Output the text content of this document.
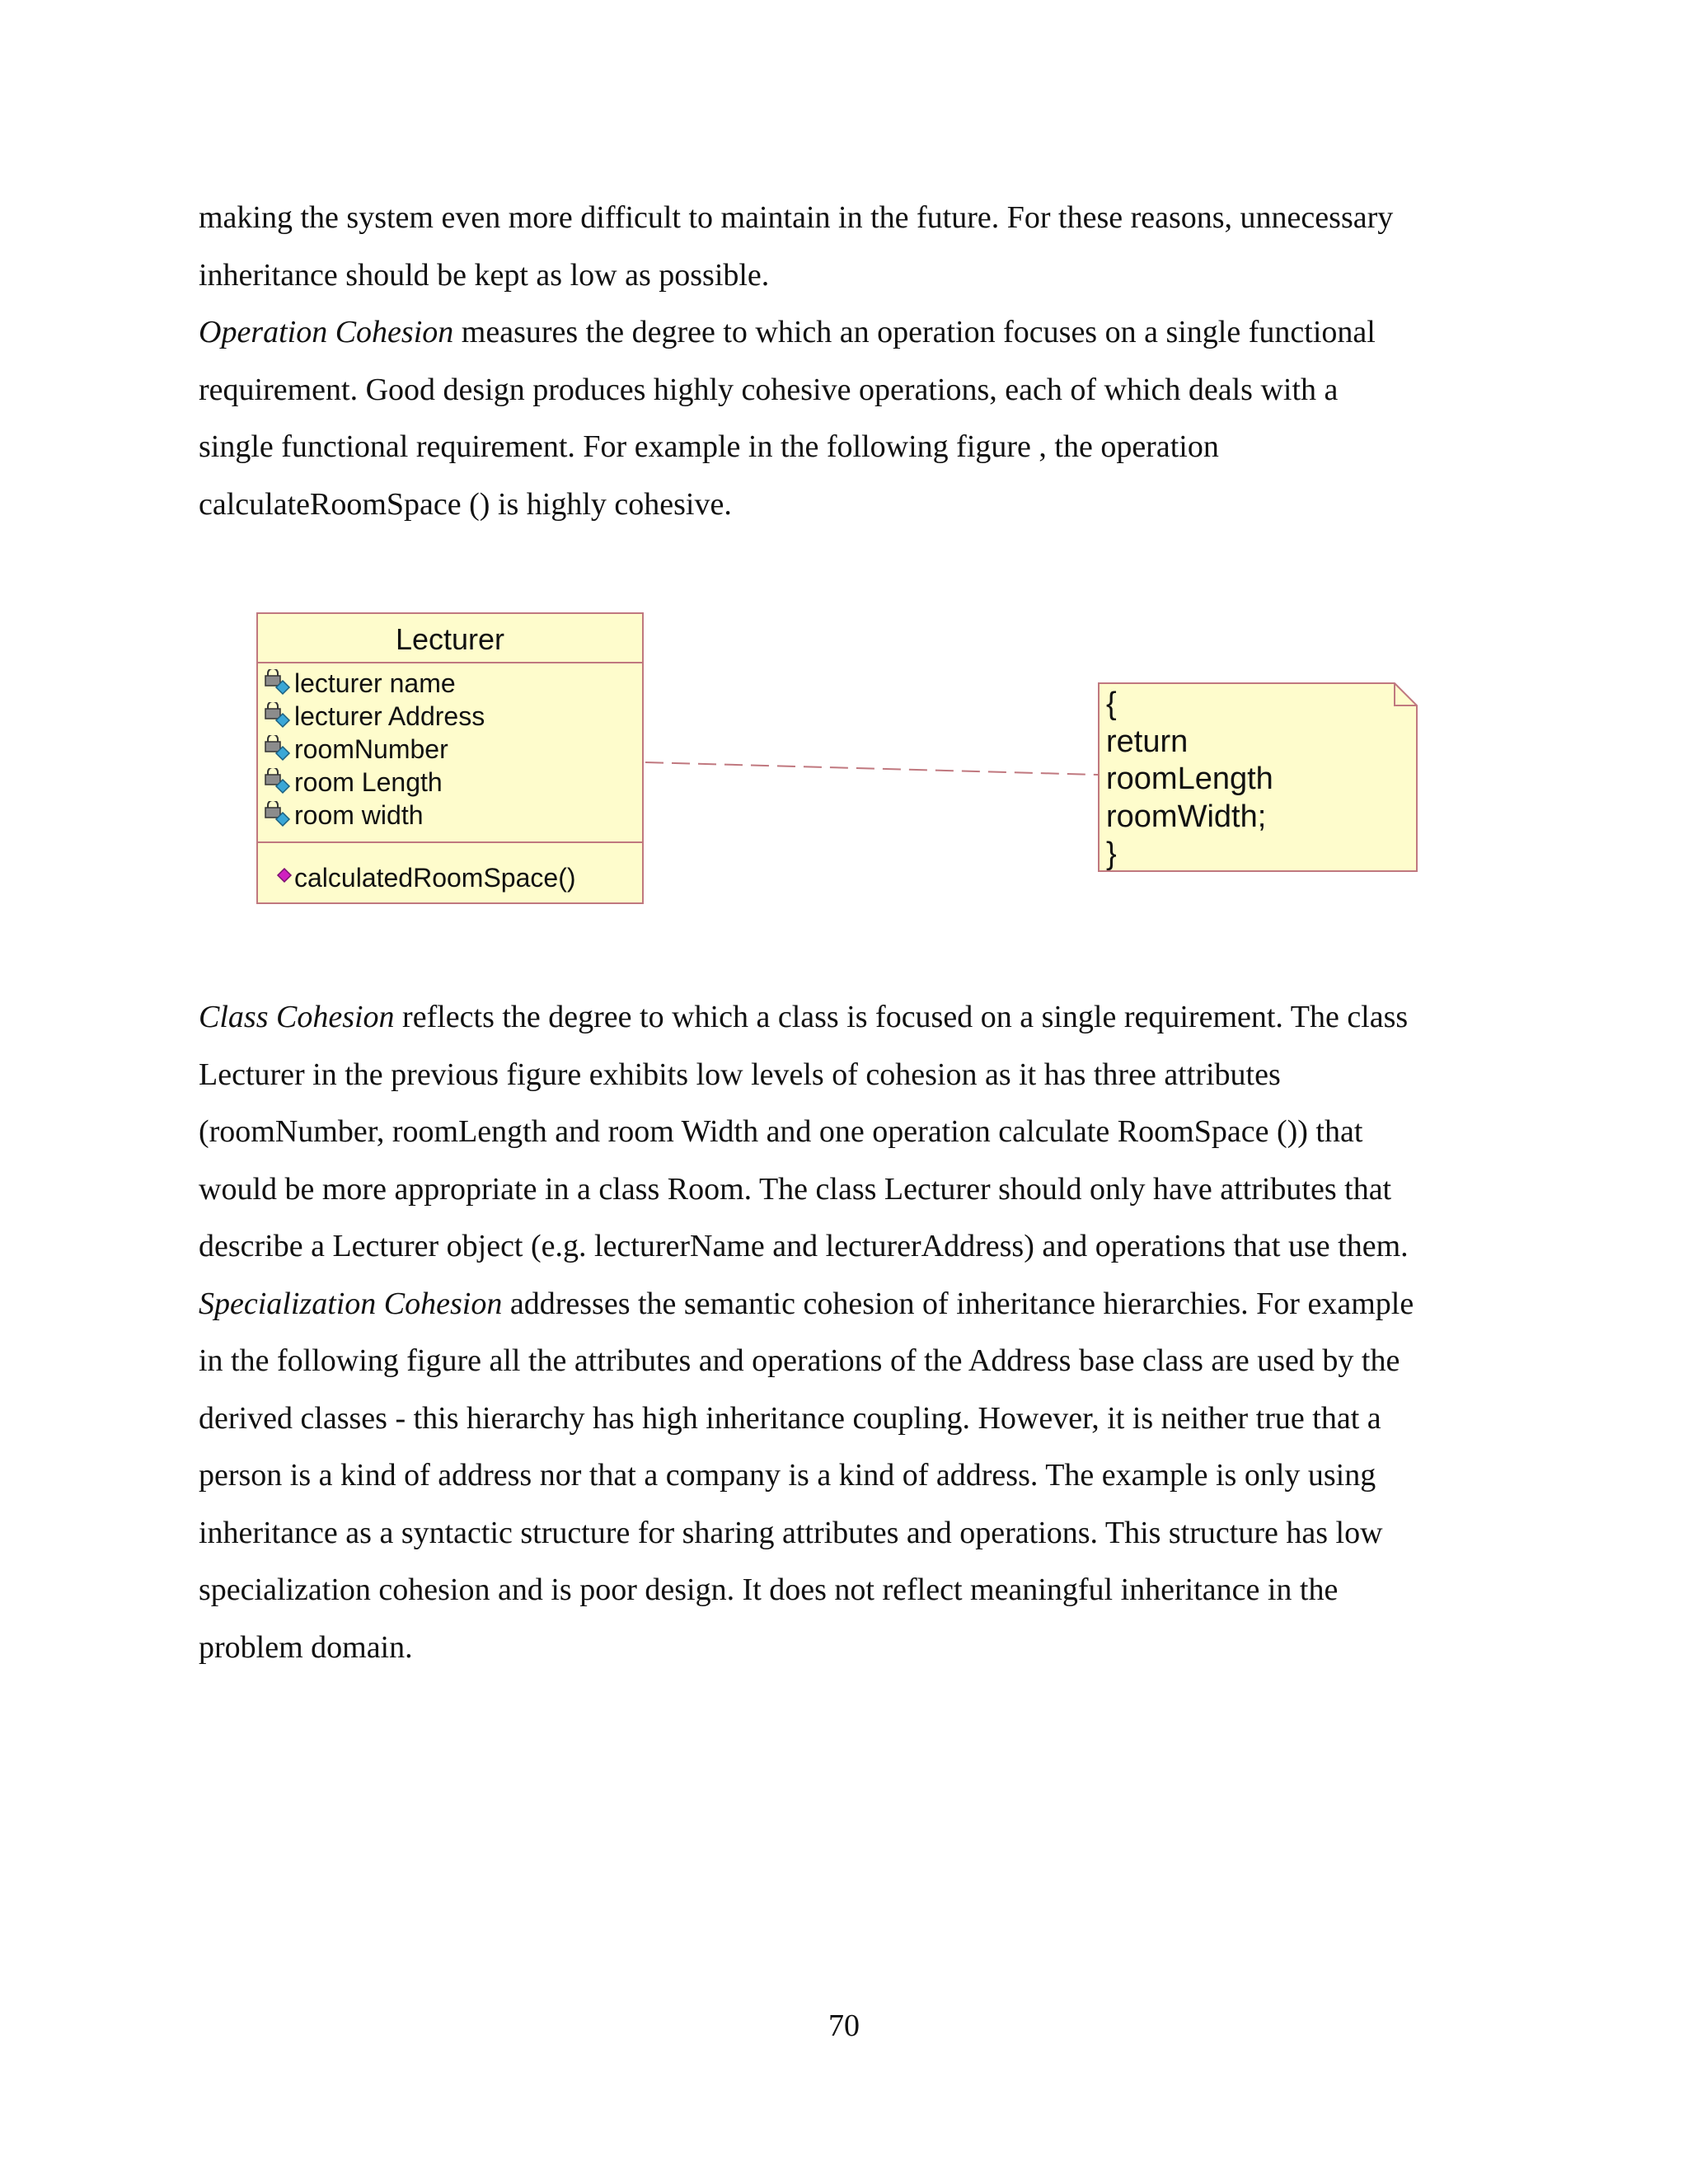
making the system even more difficult to maintain in the future. For these reasons, unnecessary
inheritance should be kept as low as possible.
Operation Cohesion measures the degree to which an operation focuses on a single functional
requirement. Good design produces highly cohesive operations, each of which deals with a
single functional requirement. For example in the following figure , the operation
calculateRoomSpace () is highly cohesive.

Lecturer
lecturer name
lecturer Address
roomNumber
room Length
room width
calculatedRoomSpace()
{
return
roomLength
roomWidth;
}

Class Cohesion reflects the degree to which a class is focused on a single requirement. The class
Lecturer in the previous figure exhibits low levels of cohesion as it has three attributes
(roomNumber, roomLength and room Width and one operation calculate RoomSpace ()) that
would be more appropriate in a class Room. The class Lecturer should only have attributes that
describe a Lecturer object (e.g. lecturerName and lecturerAddress) and operations that use them.
Specialization Cohesion addresses the semantic cohesion of inheritance hierarchies. For example
in the following figure all the attributes and operations of the Address base class are used by the
derived classes - this hierarchy has high inheritance coupling. However, it is neither true that a
person is a kind of address nor that a company is a kind of address. The example is only using
inheritance as a syntactic structure for sharing attributes and operations. This structure has low
specialization cohesion and is poor design. It does not reflect meaningful inheritance in the
problem domain.

70
